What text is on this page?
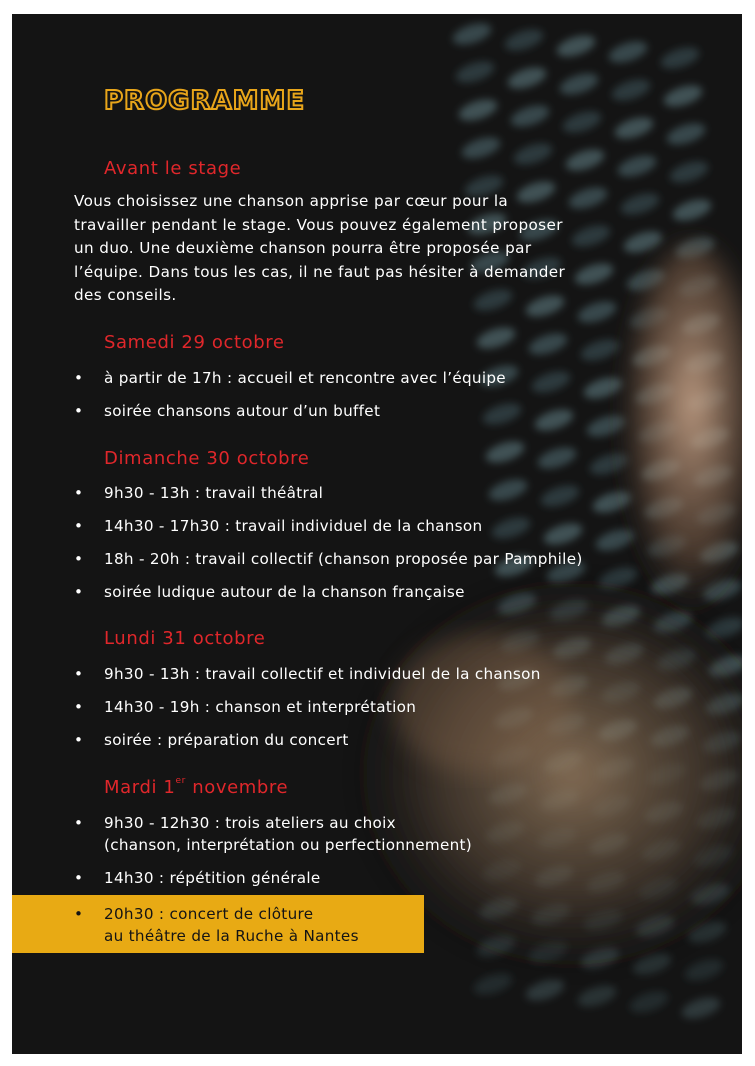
PROGRAMME
Avant le stage
Vous choisissez une chanson apprise par cœur pour la
travailler pendant le stage. Vous pouvez également proposer
un duo. Une deuxième chanson pourra être proposée par
l’équipe. Dans tous les cas, il ne faut pas hésiter à demander
des conseils.
Samedi 29 octobre
• à partir de 17h : accueil et rencontre avec l’équipe
• soirée chansons autour d’un buffet
Dimanche 30 octobre
• 9h30 - 13h : travail théâtral
• 14h30 - 17h30 : travail individuel de la chanson
• 18h - 20h : travail collectif (chanson proposée par Pamphile)
• soirée ludique autour de la chanson française
Lundi 31 octobre
• 9h30 - 13h : travail collectif et individuel de la chanson
• 14h30 - 19h : chanson et interprétation
• soirée : préparation du concert
Mardi 1er novembre
• 9h30 - 12h30 : trois ateliers au choix
(chanson, interprétation ou perfectionnement)
• 14h30 : répétition générale
• 20h30 : concert de clôture
au théâtre de la Ruche à Nantes
